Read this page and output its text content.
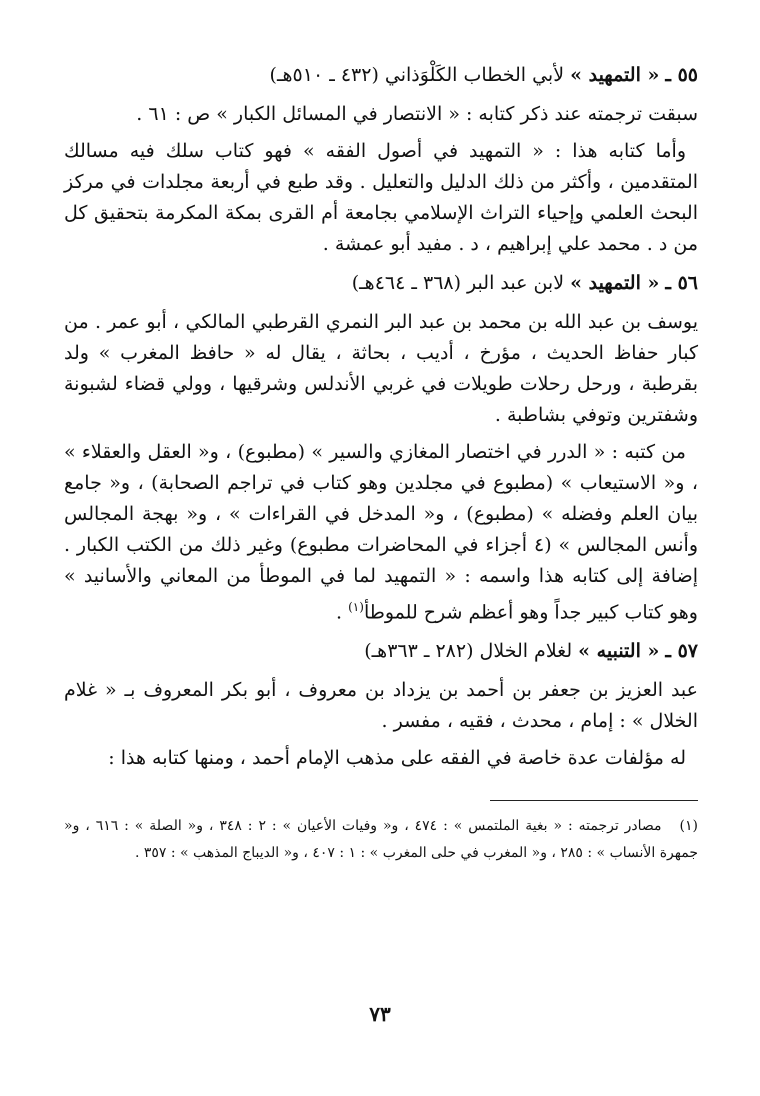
٥٥ ـ « التمهيد » لأبي الخطاب الكَلْوَذاني (٤٣٢ ـ ٥١٠هـ)

سبقت ترجمته عند ذكر كتابه : « الانتصار في المسائل الكبار » ص : ٦١ .

وأما كتابه هذا : « التمهيد في أصول الفقه » فهو كتاب سلك فيه مسالك المتقدمين ، وأكثر من ذلك الدليل والتعليل . وقد طبع في أربعة مجلدات في مركز البحث العلمي وإحياء التراث الإسلامي بجامعة أم القرى بمكة المكرمة بتحقيق كل من د . محمد علي إبراهيم ، د . مفيد أبو عمشة .

٥٦ ـ « التمهيد » لابن عبد البر (٣٦٨ ـ ٤٦٤هـ)

يوسف بن عبد الله بن محمد بن عبد البر النمري القرطبي المالكي ، أبو عمر . من كبار حفاظ الحديث ، مؤرخ ، أديب ، بحاثة ، يقال له « حافظ المغرب » ولد بقرطبة ، ورحل رحلات طويلات في غربي الأندلس وشرقيها ، وولي قضاء لشبونة وشفترين وتوفي بشاطبة .

من كتبه : « الدرر في اختصار المغازي والسير » (مطبوع) ، و« العقل والعقلاء » ، و« الاستيعاب » (مطبوع في مجلدين وهو كتاب في تراجم الصحابة) ، و« جامع بيان العلم وفضله » (مطبوع) ، و« المدخل في القراءات » ، و« بهجة المجالس وأنس المجالس » (٤ أجزاء في المحاضرات مطبوع) وغير ذلك من الكتب الكبار . إضافة إلى كتابه هذا واسمه : « التمهيد لما في الموطأ من المعاني والأسانيد » وهو كتاب كبير جداً وهو أعظم شرح للموطأ$^{(١)}$ .

٥٧ ـ « التنبيه » لغلام الخلال (٢٨٢ ـ ٣٦٣هـ)

عبد العزيز بن جعفر بن أحمد بن يزداد بن معروف ، أبو بكر المعروف بـ « غلام الخلال » : إمام ، محدث ، فقيه ، مفسر .

له مؤلفات عدة خاصة في الفقه على مذهب الإمام أحمد ، ومنها كتابه هذا :

(١)مصادر ترجمته : « بغية الملتمس » : ٤٧٤ ، و« وفيات الأعيان » : ٢ : ٣٤٨ ، و« الصلة » : ٦١٦ ، و« جمهرة الأنساب » : ٢٨٥ ، و« المغرب في حلى المغرب » : ١ : ٤٠٧ ، و« الديباج المذهب » : ٣٥٧ .
٧٣
